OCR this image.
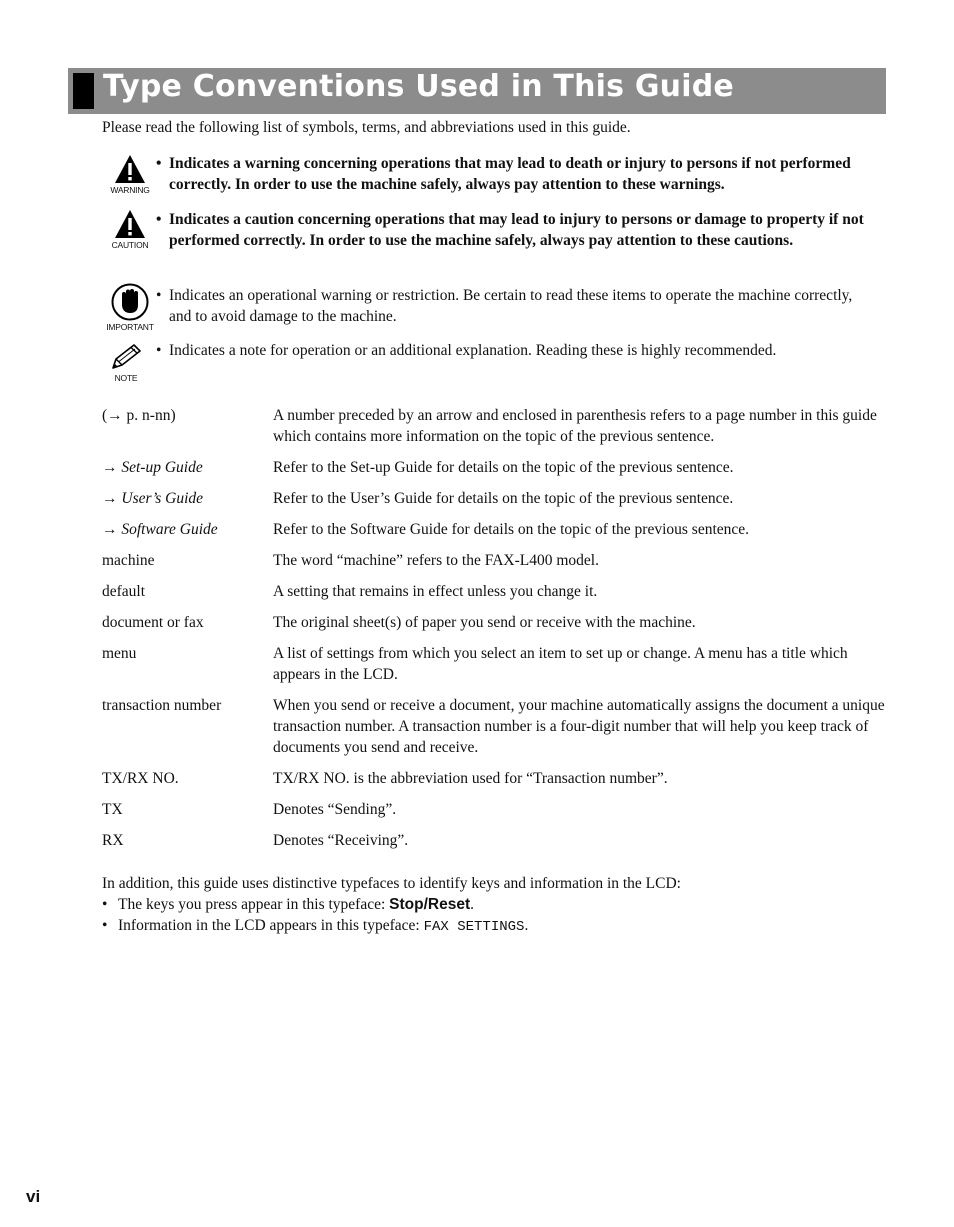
Type Conventions Used in This Guide
Please read the following list of symbols, terms, and abbreviations used in this guide.
WARNING
• Indicates a warning concerning operations that may lead to death or injury to persons if not performed correctly. In order to use the machine safely, always pay attention to these warnings.
CAUTION
• Indicates a caution concerning operations that may lead to injury to persons or damage to property if not performed correctly. In order to use the machine safely, always pay attention to these cautions.
IMPORTANT
• Indicates an operational warning or restriction. Be certain to read these items to operate the machine correctly, and to avoid damage to the machine.
NOTE
• Indicates a note for operation or an additional explanation. Reading these is highly recommended.
(→ p. n-nn)	A number preceded by an arrow and enclosed in parenthesis refers to a page number in this guide which contains more information on the topic of the previous sentence.
→ Set-up Guide	Refer to the Set-up Guide for details on the topic of the previous sentence.
→ User’s Guide	Refer to the User’s Guide for details on the topic of the previous sentence.
→ Software Guide	Refer to the Software Guide for details on the topic of the previous sentence.
machine	The word “machine” refers to the FAX-L400 model.
default	A setting that remains in effect unless you change it.
document or fax	The original sheet(s) of paper you send or receive with the machine.
menu	A list of settings from which you select an item to set up or change. A menu has a title which appears in the LCD.
transaction number	When you send or receive a document, your machine automatically assigns the document a unique transaction number. A transaction number is a four-digit number that will help you keep track of documents you send and receive.
TX/RX NO.	TX/RX NO. is the abbreviation used for “Transaction number”.
TX	Denotes “Sending”.
RX	Denotes “Receiving”.
In addition, this guide uses distinctive typefaces to identify keys and information in the LCD:
• The keys you press appear in this typeface: Stop/Reset.
• Information in the LCD appears in this typeface: FAX SETTINGS.
vi
